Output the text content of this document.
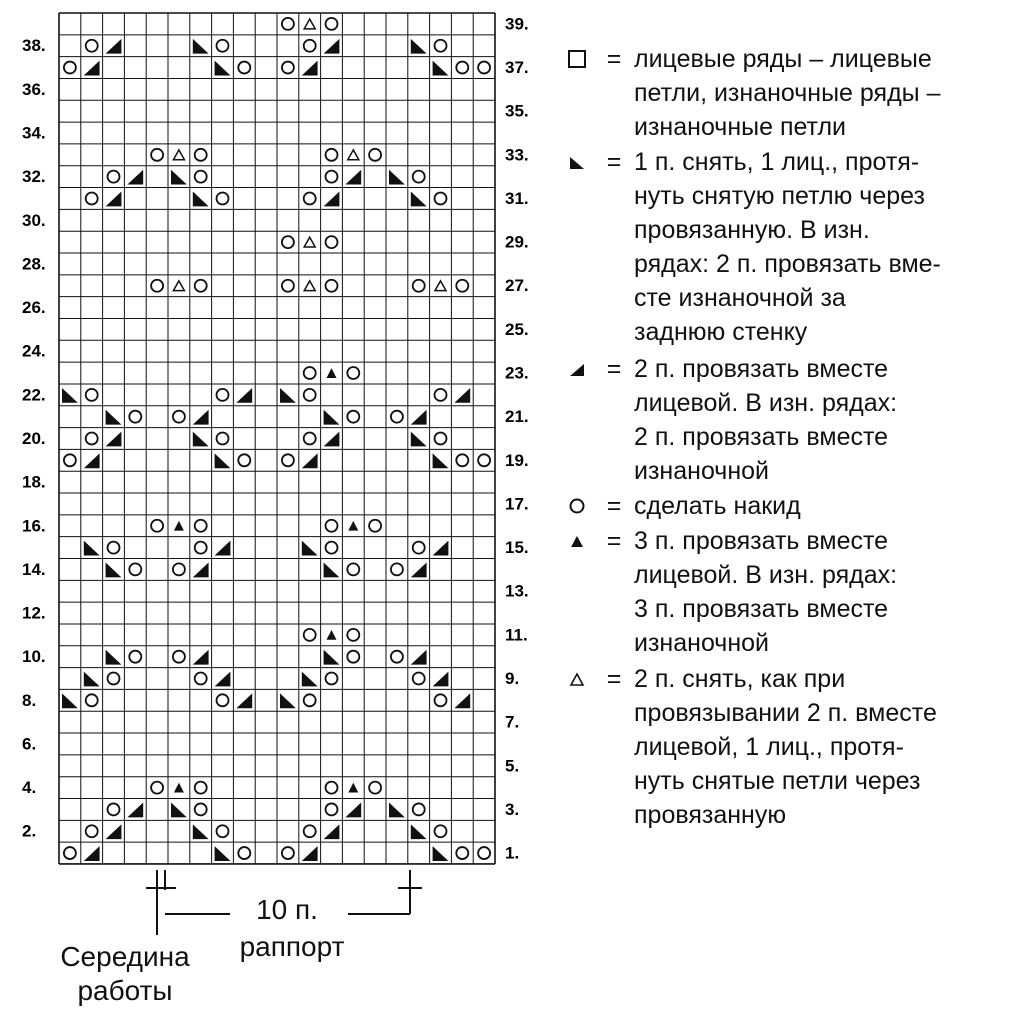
2.
4.
6.
8.
10.
12.
14.
16.
18.
20.
22.
24.
26.
28.
30.
32.
34.
36.
38.
1.
3.
5.
7.
9.
11.
13.
15.
17.
19.
21.
23.
25.
27.
29.
31.
33.
35.
37.
39.
= лицевые ряды – лицевые
петли, изнаночные ряды –
изнаночные петли
= 1 п. снять, 1 лиц., протя-
нуть снятую петлю через
провязанную. В изн.
рядах: 2 п. провязать вме-
сте изнаночной за
заднюю стенку
= 2 п. провязать вместе
лицевой. В изн. рядах:
2 п. провязать вместе
изнаночной
= сделать накид
= 3 п. провязать вместе
лицевой. В изн. рядах:
3 п. провязать вместе
изнаночной
= 2 п. снять, как при
провязывании 2 п. вместе
лицевой, 1 лиц., протя-
нуть снятые петли через
провязанную
10 п.
раппорт
Середина
работы
